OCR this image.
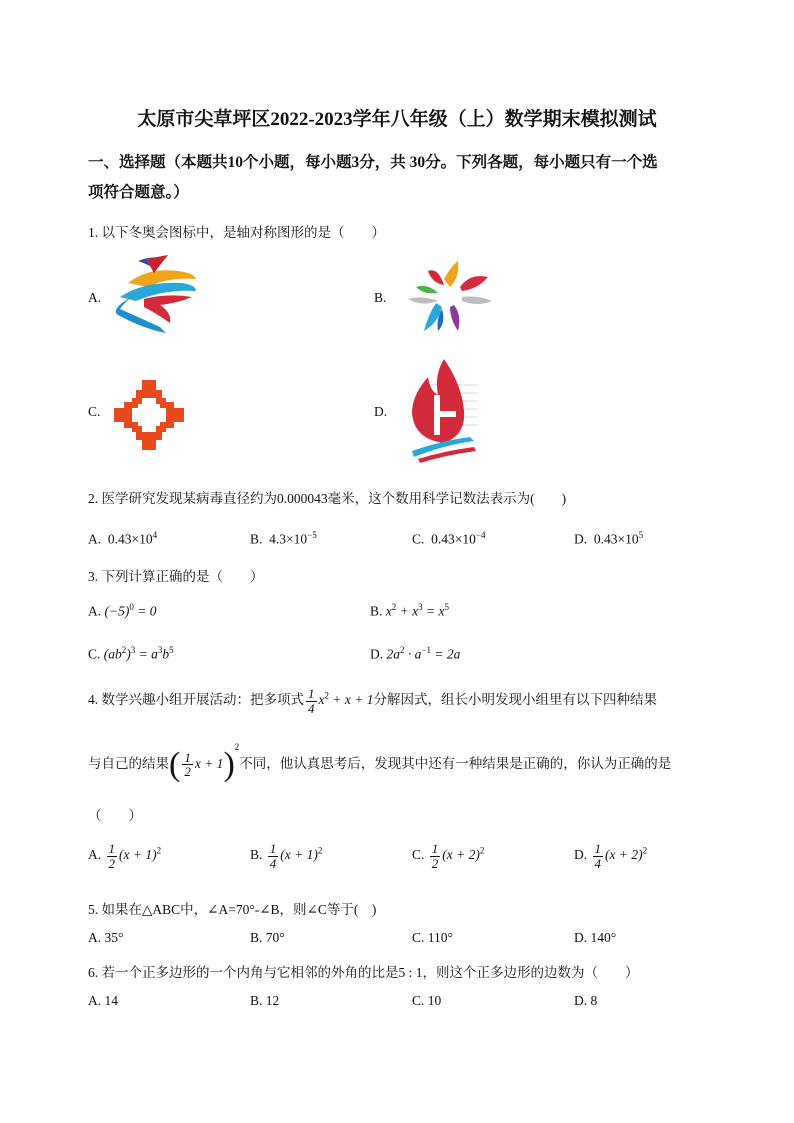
太原市尖草坪区2022-2023学年八年级（上）数学期末模拟测试
一、选择题（本题共10个小题，每小题3分，共 30分。下列各题，每小题只有一个选
项符合题意。）
1. 以下冬奥会图标中，是轴对称图形的是（　　）
A.	B.
C.	D.
2. 医学研究发现某病毒直径约为0.000043毫米，这个数用科学记数法表示为(　　)
A. $0.43\times 10^4$	B. $4.3\times 10^{-5}$	C. $0.43\times 10^{-4}$	D. $0.43\times 10^5$
3. 下列计算正确的是（　　）
A. $(-5)^0 = 0$	B. $x^2 + x^3 = x^5$
C. $(ab^2)^3 = a^3b^5$	D. $2a^2 \cdot a^{-1} = 2a$
4. 数学兴趣小组开展活动：把多项式 $\frac{1}{4} x^2 + x + 1$分解因式，组长小明发现小组里有以下四种结果
与自己的结果( $\frac{1}{2}$ x + 1)$^2$不同，他认真思考后，发现其中还有一种结果是正确的，你认为正确的是
（　　）
A. $\frac{1}{2} (x + 1)^2$	B. $\frac{1}{4} (x + 1)^2$	C. $\frac{1}{2} (x + 2)^2$	D. $\frac{1}{4} (x + 2)^2$
5. 如果在△ABC中，∠A=70°-∠B，则∠C等于(　)
A. 35°	B. 70°	C. 110°	D. 140°
6. 若一个正多边形的一个内角与它相邻的外角的比是5 : 1，则这个正多边形的边数为（　　）
A. 14	B. 12	C. 10	D. 8
